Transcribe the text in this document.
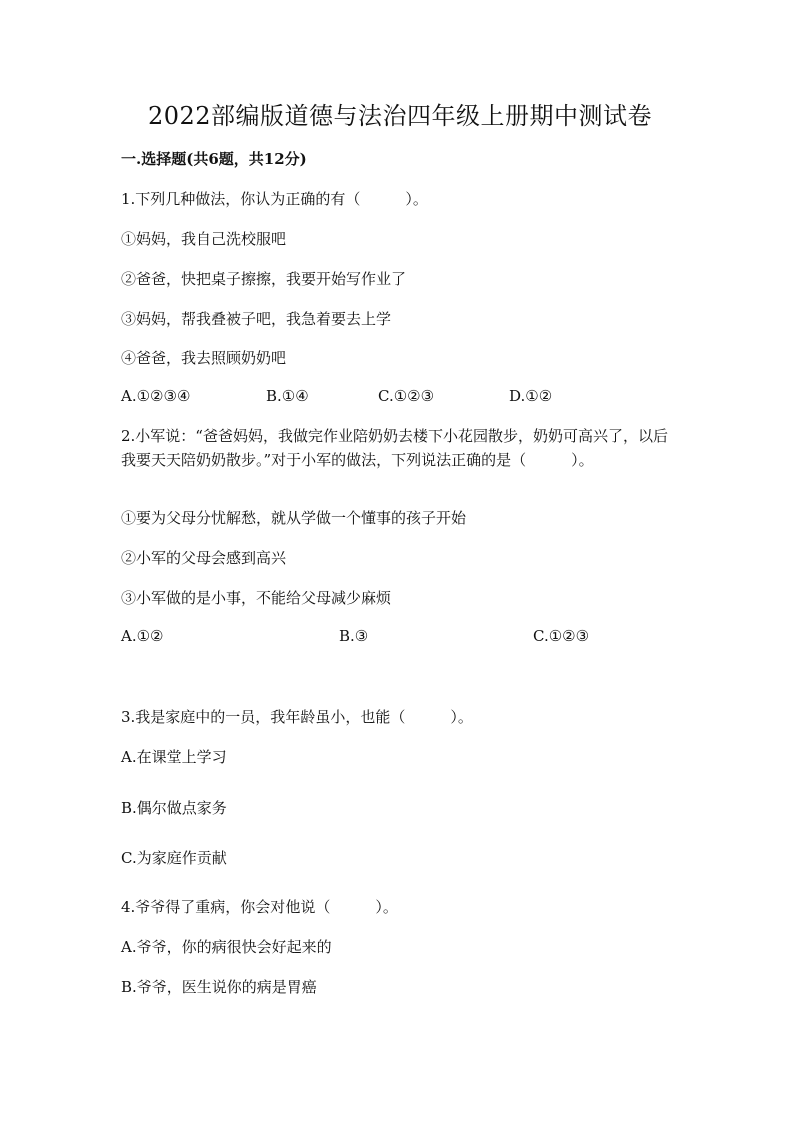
2022部编版道德与法治四年级上册期中测试卷
一.选择题(共6题，共12分)
1.下列几种做法，你认为正确的有（　　　）。
①妈妈，我自己洗校服吧
②爸爸，快把桌子擦擦，我要开始写作业了
③妈妈，帮我叠被子吧，我急着要去上学
④爸爸，我去照顾奶奶吧
A.①②③④	B.①④	C.①②③	D.①②
2.小军说：“爸爸妈妈，我做完作业陪奶奶去楼下小花园散步，奶奶可高兴了，以后我要天天陪奶奶散步。”对于小军的做法，下列说法正确的是（　　　）。
①要为父母分忧解愁，就从学做一个懂事的孩子开始
②小军的父母会感到高兴
③小军做的是小事，不能给父母减少麻烦
A.①②	B.③	C.①②③
3.我是家庭中的一员，我年龄虽小，也能（　　　）。
A.在课堂上学习
B.偶尔做点家务
C.为家庭作贡献
4.爷爷得了重病，你会对他说（　　　）。
A.爷爷，你的病很快会好起来的
B.爷爷，医生说你的病是胃癌
